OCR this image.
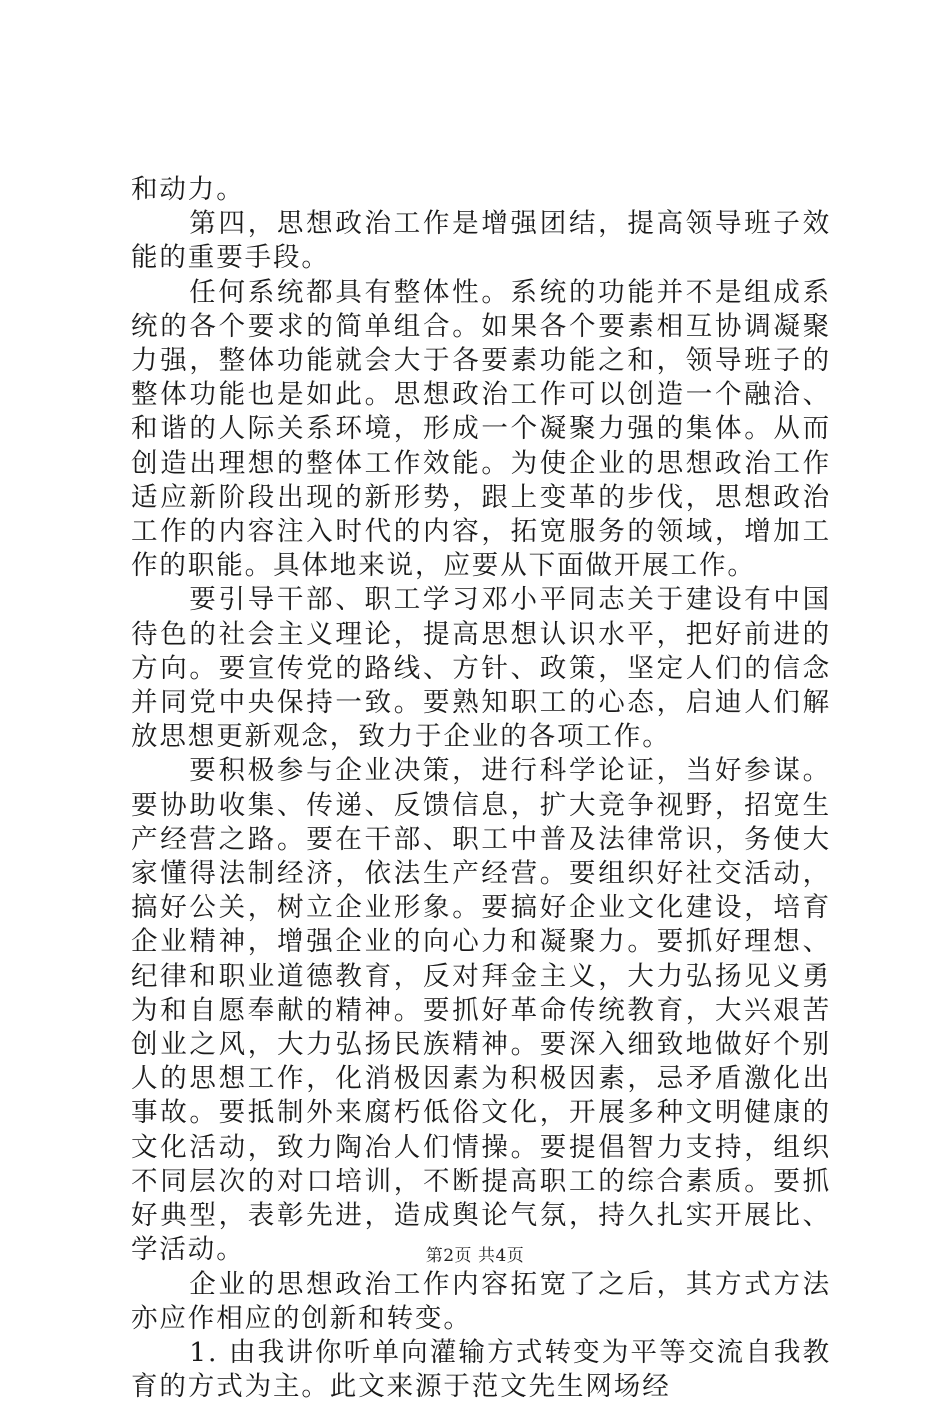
和动力。

第四，思想政治工作是增强团结，提高领导班子效能的重要手段。

任何系统都具有整体性。系统的功能并不是组成系统的各个要求的简单组合。如果各个要素相互协调凝聚力强，整体功能就会大于各要素功能之和，领导班子的整体功能也是如此。思想政治工作可以创造一个融洽、和谐的人际关系环境，形成一个凝聚力强的集体。从而创造出理想的整体工作效能。为使企业的思想政治工作适应新阶段出现的新形势，跟上变革的步伐，思想政治工作的内容注入时代的内容，拓宽服务的领域，增加工作的职能。具体地来说，应要从下面做开展工作。

要引导干部、职工学习邓小平同志关于建设有中国待色的社会主义理论，提高思想认识水平，把好前进的方向。要宣传党的路线、方针、政策，坚定人们的信念并同党中央保持一致。要熟知职工的心态，启迪人们解放思想更新观念，致力于企业的各项工作。

要积极参与企业决策，进行科学论证，当好参谋。要协助收集、传递、反馈信息，扩大竞争视野，招宽生产经营之路。要在干部、职工中普及法律常识，务使大家懂得法制经济，依法生产经营。要组织好社交活动，搞好公关，树立企业形象。要搞好企业文化建设，培育企业精神，增强企业的向心力和凝聚力。要抓好理想、纪律和职业道德教育，反对拜金主义，大力弘扬见义勇为和自愿奉献的精神。要抓好革命传统教育，大兴艰苦创业之风，大力弘扬民族精神。要深入细致地做好个别人的思想工作，化消极因素为积极因素，忌矛盾激化出事故。要抵制外来腐朽低俗文化，开展多种文明健康的文化活动，致力陶冶人们情操。要提倡智力支持，组织不同层次的对口培训，不断提高职工的综合素质。要抓好典型，表彰先进，造成舆论气氛，持久扎实开展比、学活动。

企业的思想政治工作内容拓宽了之后，其方式方法亦应作相应的创新和转变。

1. 由我讲你听单向灌输方式转变为平等交流自我教育的方式为主。此文来源于范文先生网场经

第2页 共4页
